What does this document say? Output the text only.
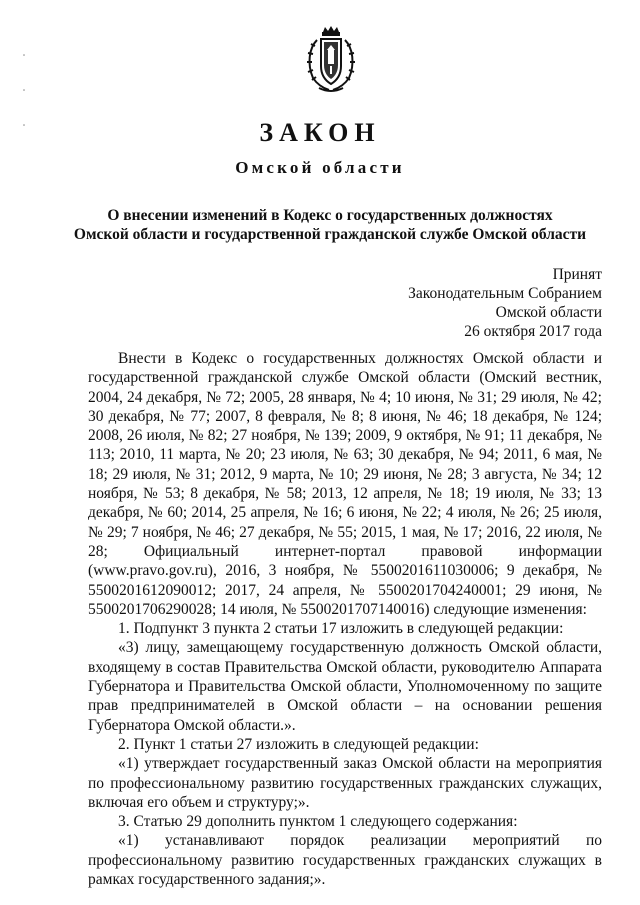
ЗАКОН
Омской области
О внесении изменений в Кодекс о государственных должностях
Омской области и государственной гражданской службе Омской области
Принят
Законодательным Собранием
Омской области
26 октября 2017 года

Внести в Кодекс о государственных должностях Омской области и государственной гражданской службе Омской области (Омский вестник, 2004, 24 декабря, № 72; 2005, 28 января, № 4; 10 июня, № 31; 29 июля, № 42; 30 декабря, № 77; 2007, 8 февраля, № 8; 8 июня, № 46; 18 декабря, № 124; 2008, 26 июля, № 82; 27 ноября, № 139; 2009, 9 октября, № 91; 11 декабря, № 113; 2010, 11 марта, № 20; 23 июля, № 63; 30 декабря, № 94; 2011, 6 мая, № 18; 29 июля, № 31; 2012, 9 марта, № 10; 29 июня, № 28; 3 августа, № 34; 12 ноября, № 53; 8 декабря, № 58; 2013, 12 апреля, № 18; 19 июля, № 33; 13 декабря, № 60; 2014, 25 апреля, № 16; 6 июня, № 22; 4 июля, № 26; 25 июля, № 29; 7 ноября, № 46; 27 декабря, № 55; 2015, 1 мая, № 17; 2016, 22 июля, № 28; Официальный интернет-портал правовой информации (www.pravo.gov.ru), 2016, 3 ноября, № 5500201611030006; 9 декабря, № 5500201612090012; 2017, 24 апреля, № 5500201704240001; 29 июня, № 5500201706290028; 14 июля, № 5500201707140016) следующие изменения:

1. Подпункт 3 пункта 2 статьи 17 изложить в следующей редакции:

«3) лицу, замещающему государственную должность Омской области, входящему в состав Правительства Омской области, руководителю Аппарата Губернатора и Правительства Омской области, Уполномоченному по защите прав предпринимателей в Омской области – на основании решения Губернатора Омской области.».

2. Пункт 1 статьи 27 изложить в следующей редакции:

«1) утверждает государственный заказ Омской области на мероприятия по профессиональному развитию государственных гражданских служащих, включая его объем и структуру;».

3. Статью 29 дополнить пунктом 1 следующего содержания:

«1) устанавливают порядок реализации мероприятий по профессиональному развитию государственных гражданских служащих в рамках государственного задания;».
